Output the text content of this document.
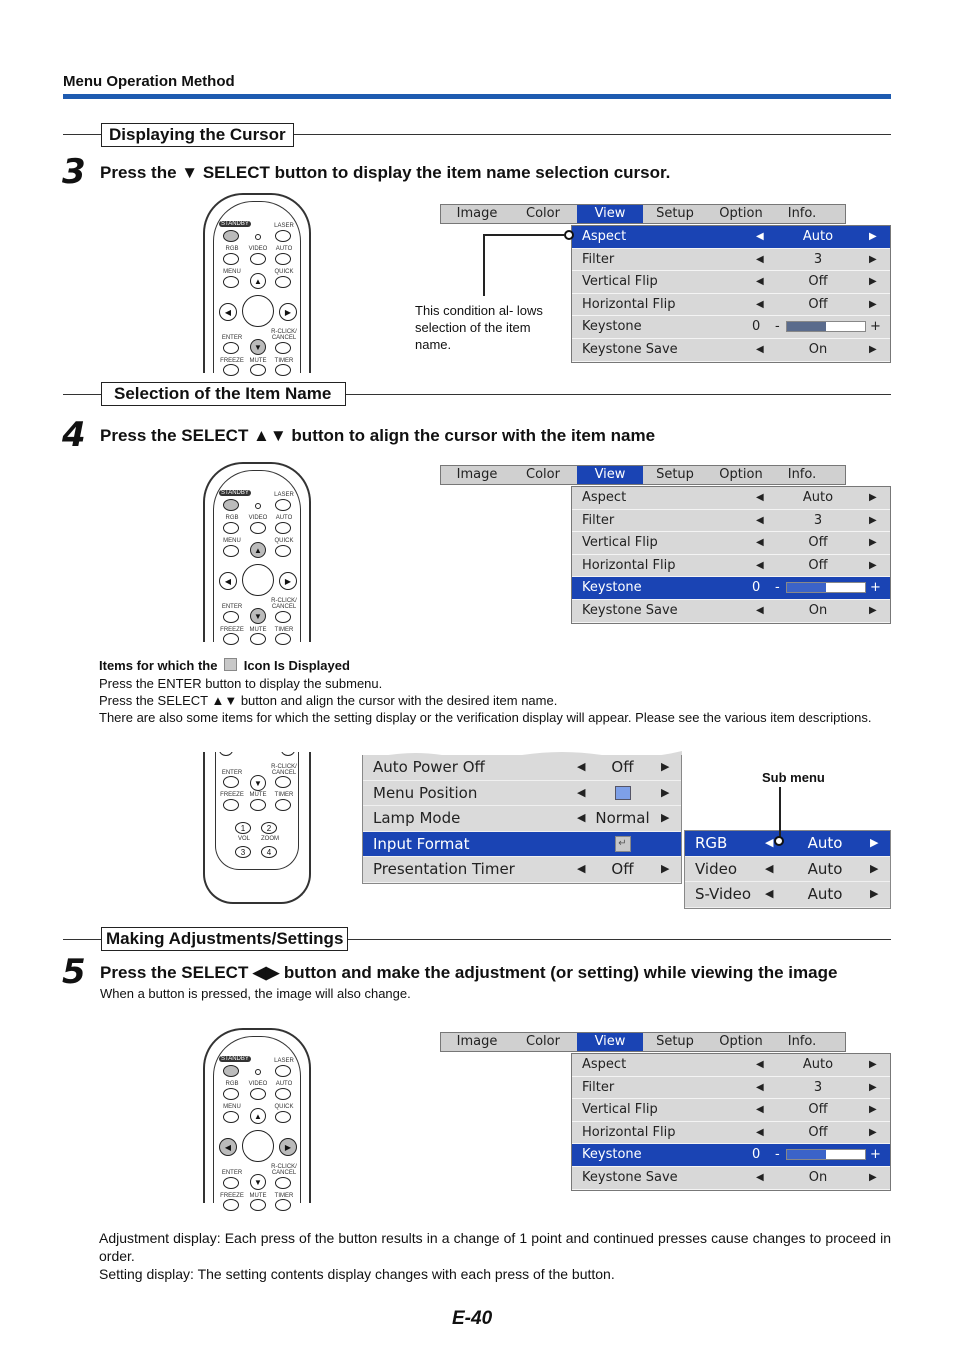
Menu Operation Method
Displaying the Cursor
3 Press the ▼ SELECT button to display the item name selection cursor.
STANDBY	LASER
RGB	VIDEO	AUTO
MENU	QUICK
▲
◀	▶
ENTER
R-CLICK/ CANCEL
▼
FREEZE MUTE	TIMER
Image	Color	View	Setup	Option	Info.
Aspect	◀	Auto	▶
Filter	◀	3	▶
Vertical Flip	◀	Off	▶
Horizontal Flip	◀	Off	▶
Keystone	0 -	+
Keystone Save	◀	On	▶
This condition al- lows selection of the item name.
Selection of the Item Name
4 Press the SELECT ▲▼ button to align the cursor with the item name
STANDBY	LASER
RGB	VIDEO	AUTO
MENU	QUICK
▲
◀	▶
ENTER
R-CLICK/ CANCEL
▼
FREEZE MUTE	TIMER
Image	Color	View	Setup	Option	Info.
Aspect	◀	Auto	▶
Filter	◀	3	▶
Vertical Flip	◀	Off	▶
Horizontal Flip	◀	Off	▶
Keystone	0 -	+
Keystone Save	◀	On	▶
Items for which the Icon Is Displayed
Press the ENTER button to display the submenu.
Press the SELECT ▲▼ button and align the cursor with the desired item name.
There are also some items for which the setting display or the verification display will appear. Please see the various item descriptions.
ENTER
R-CLICK/ CANCEL
▼
FREEZE MUTE	TIMER
1	2
VOL	ZOOM
3	4
Auto Power Off	◀	Off	▶
Menu Position	◀	▶
Lamp Mode	◀ Normal ▶
Input Format	↵
Presentation Timer	◀	Off	▶
RGB	◀	Auto	▶
Video	◀	Auto	▶
S-Video ◀	Auto	▶
Sub menu
Making Adjustments/Settings
5 Press the SELECT ◀▶ button and make the adjustment (or setting) while viewing the image
When a button is pressed, the image will also change.
STANDBY	LASER
RGB	VIDEO	AUTO
MENU	QUICK
▲
◀	▶
ENTER
R-CLICK/ CANCEL
▼
FREEZE MUTE	TIMER
Image	Color	View	Setup	Option	Info.
Aspect	◀	Auto	▶
Filter	◀	3	▶
Vertical Flip	◀	Off	▶
Horizontal Flip	◀	Off	▶
Keystone	0 -	+
Keystone Save	◀	On	▶
Adjustment display: Each press of the button results in a change of 1 point and continued presses cause changes to proceed in order.
Setting display: The setting contents display changes with each press of the button.
E-40
